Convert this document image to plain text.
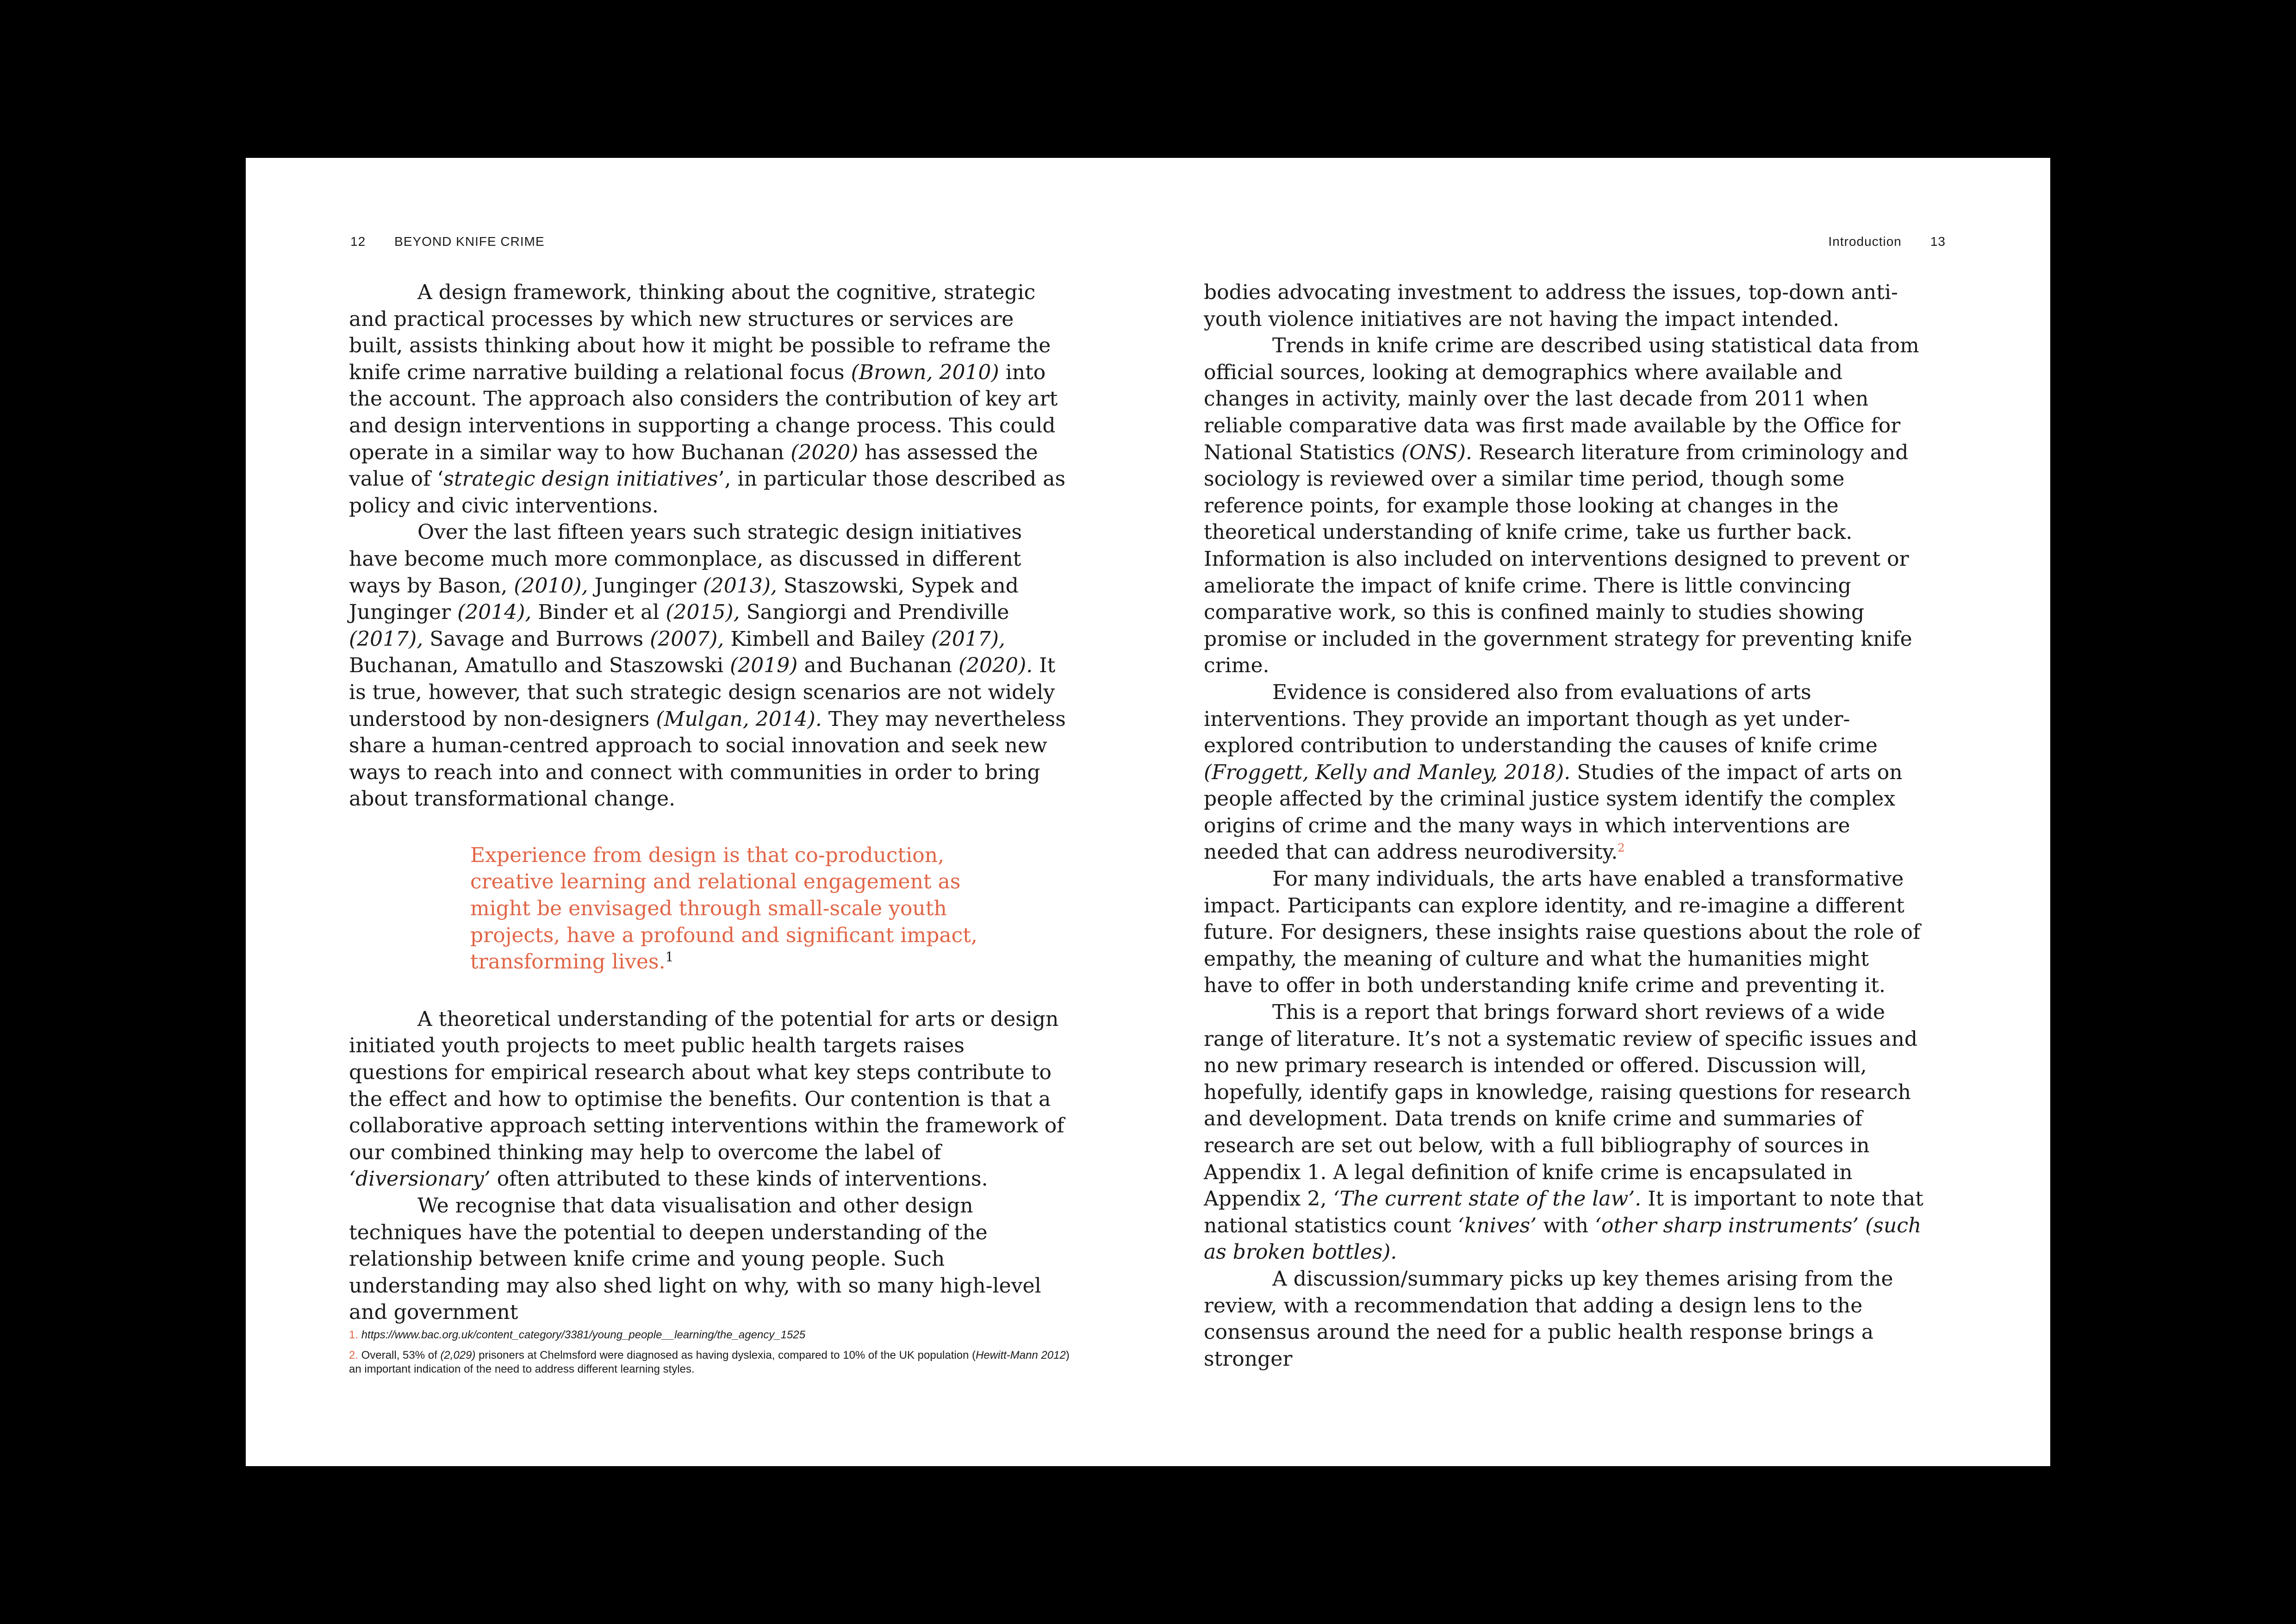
12 BEYOND KNIFE CRIME

A design framework, thinking about the cognitive, strategic and practical processes by which new structures or services are built, assists thinking about how it might be possible to reframe the knife crime narrative building a relational focus (Brown, 2010) into the account. The approach also considers the contribution of key art and design interventions in supporting a change process. This could operate in a similar way to how Buchanan (2020) has assessed the value of ‘strategic design initiatives’, in particular those described as policy and civic interventions.

Over the last fifteen years such strategic design initiatives have become much more commonplace, as discussed in different ways by Bason, (2010), Junginger (2013), Staszowski, Sypek and Junginger (2014), Binder et al (2015), Sangiorgi and Prendiville (2017), Savage and Burrows (2007), Kimbell and Bailey (2017), Buchanan, Amatullo and Staszowski (2019) and Buchanan (2020). It is true, however, that such strategic design scenarios are not widely understood by non-designers (Mulgan, 2014). They may nevertheless share a human-centred approach to social innovation and seek new ways to reach into and connect with communities in order to bring about transformational change.

Experience from design is that co-production, creative learning and relational engagement as might be envisaged through small-scale youth projects, have a profound and significant impact, transforming lives.$^1$

A theoretical understanding of the potential for arts or design initiated youth projects to meet public health targets raises questions for empirical research about what key steps contribute to the effect and how to optimise the benefits. Our contention is that a collaborative approach setting interventions within the framework of our combined thinking may help to overcome the label of ‘diversionary’ often attributed to these kinds of interventions.

We recognise that data visualisation and other design techniques have the potential to deepen understanding of the relationship between knife crime and young people. Such understanding may also shed light on why, with so many high-level and government

1. https://www.bac.org.uk/content_category/3381/young_people__learning/the_agency_1525
2. Overall, 53% of (2,029) prisoners at Chelmsford were diagnosed as having dyslexia, compared to 10% of the UK population (Hewitt-Mann 2012) an important indication of the need to address different learning styles.
Introduction 13

bodies advocating investment to address the issues, top-down anti-youth violence initiatives are not having the impact intended.

Trends in knife crime are described using statistical data from official sources, looking at demographics where available and changes in activity, mainly over the last decade from 2011 when reliable comparative data was first made available by the Office for National Statistics (ONS). Research literature from criminology and sociology is reviewed over a similar time period, though some reference points, for example those looking at changes in the theoretical understanding of knife crime, take us further back. Information is also included on interventions designed to prevent or ameliorate the impact of knife crime. There is little convincing comparative work, so this is confined mainly to studies showing promise or included in the government strategy for preventing knife crime.

Evidence is considered also from evaluations of arts interventions. They provide an important though as yet under-explored contribution to understanding the causes of knife crime (Froggett, Kelly and Manley, 2018). Studies of the impact of arts on people affected by the criminal justice system identify the complex origins of crime and the many ways in which interventions are needed that can address neurodiversity.$^2$

For many individuals, the arts have enabled a transformative impact. Participants can explore identity, and re-imagine a different future. For designers, these insights raise questions about the role of empathy, the meaning of culture and what the humanities might have to offer in both understanding knife crime and preventing it.

This is a report that brings forward short reviews of a wide range of literature. It’s not a systematic review of specific issues and no new primary research is intended or offered. Discussion will, hopefully, identify gaps in knowledge, raising questions for research and development. Data trends on knife crime and summaries of research are set out below, with a full bibliography of sources in Appendix 1. A legal definition of knife crime is encapsulated in Appendix 2, ‘The current state of the law’. It is important to note that national statistics count ‘knives’ with ‘other sharp instruments’ (such as broken bottles).

A discussion/summary picks up key themes arising from the review, with a recommendation that adding a design lens to the consensus around the need for a public health response brings a stronger
